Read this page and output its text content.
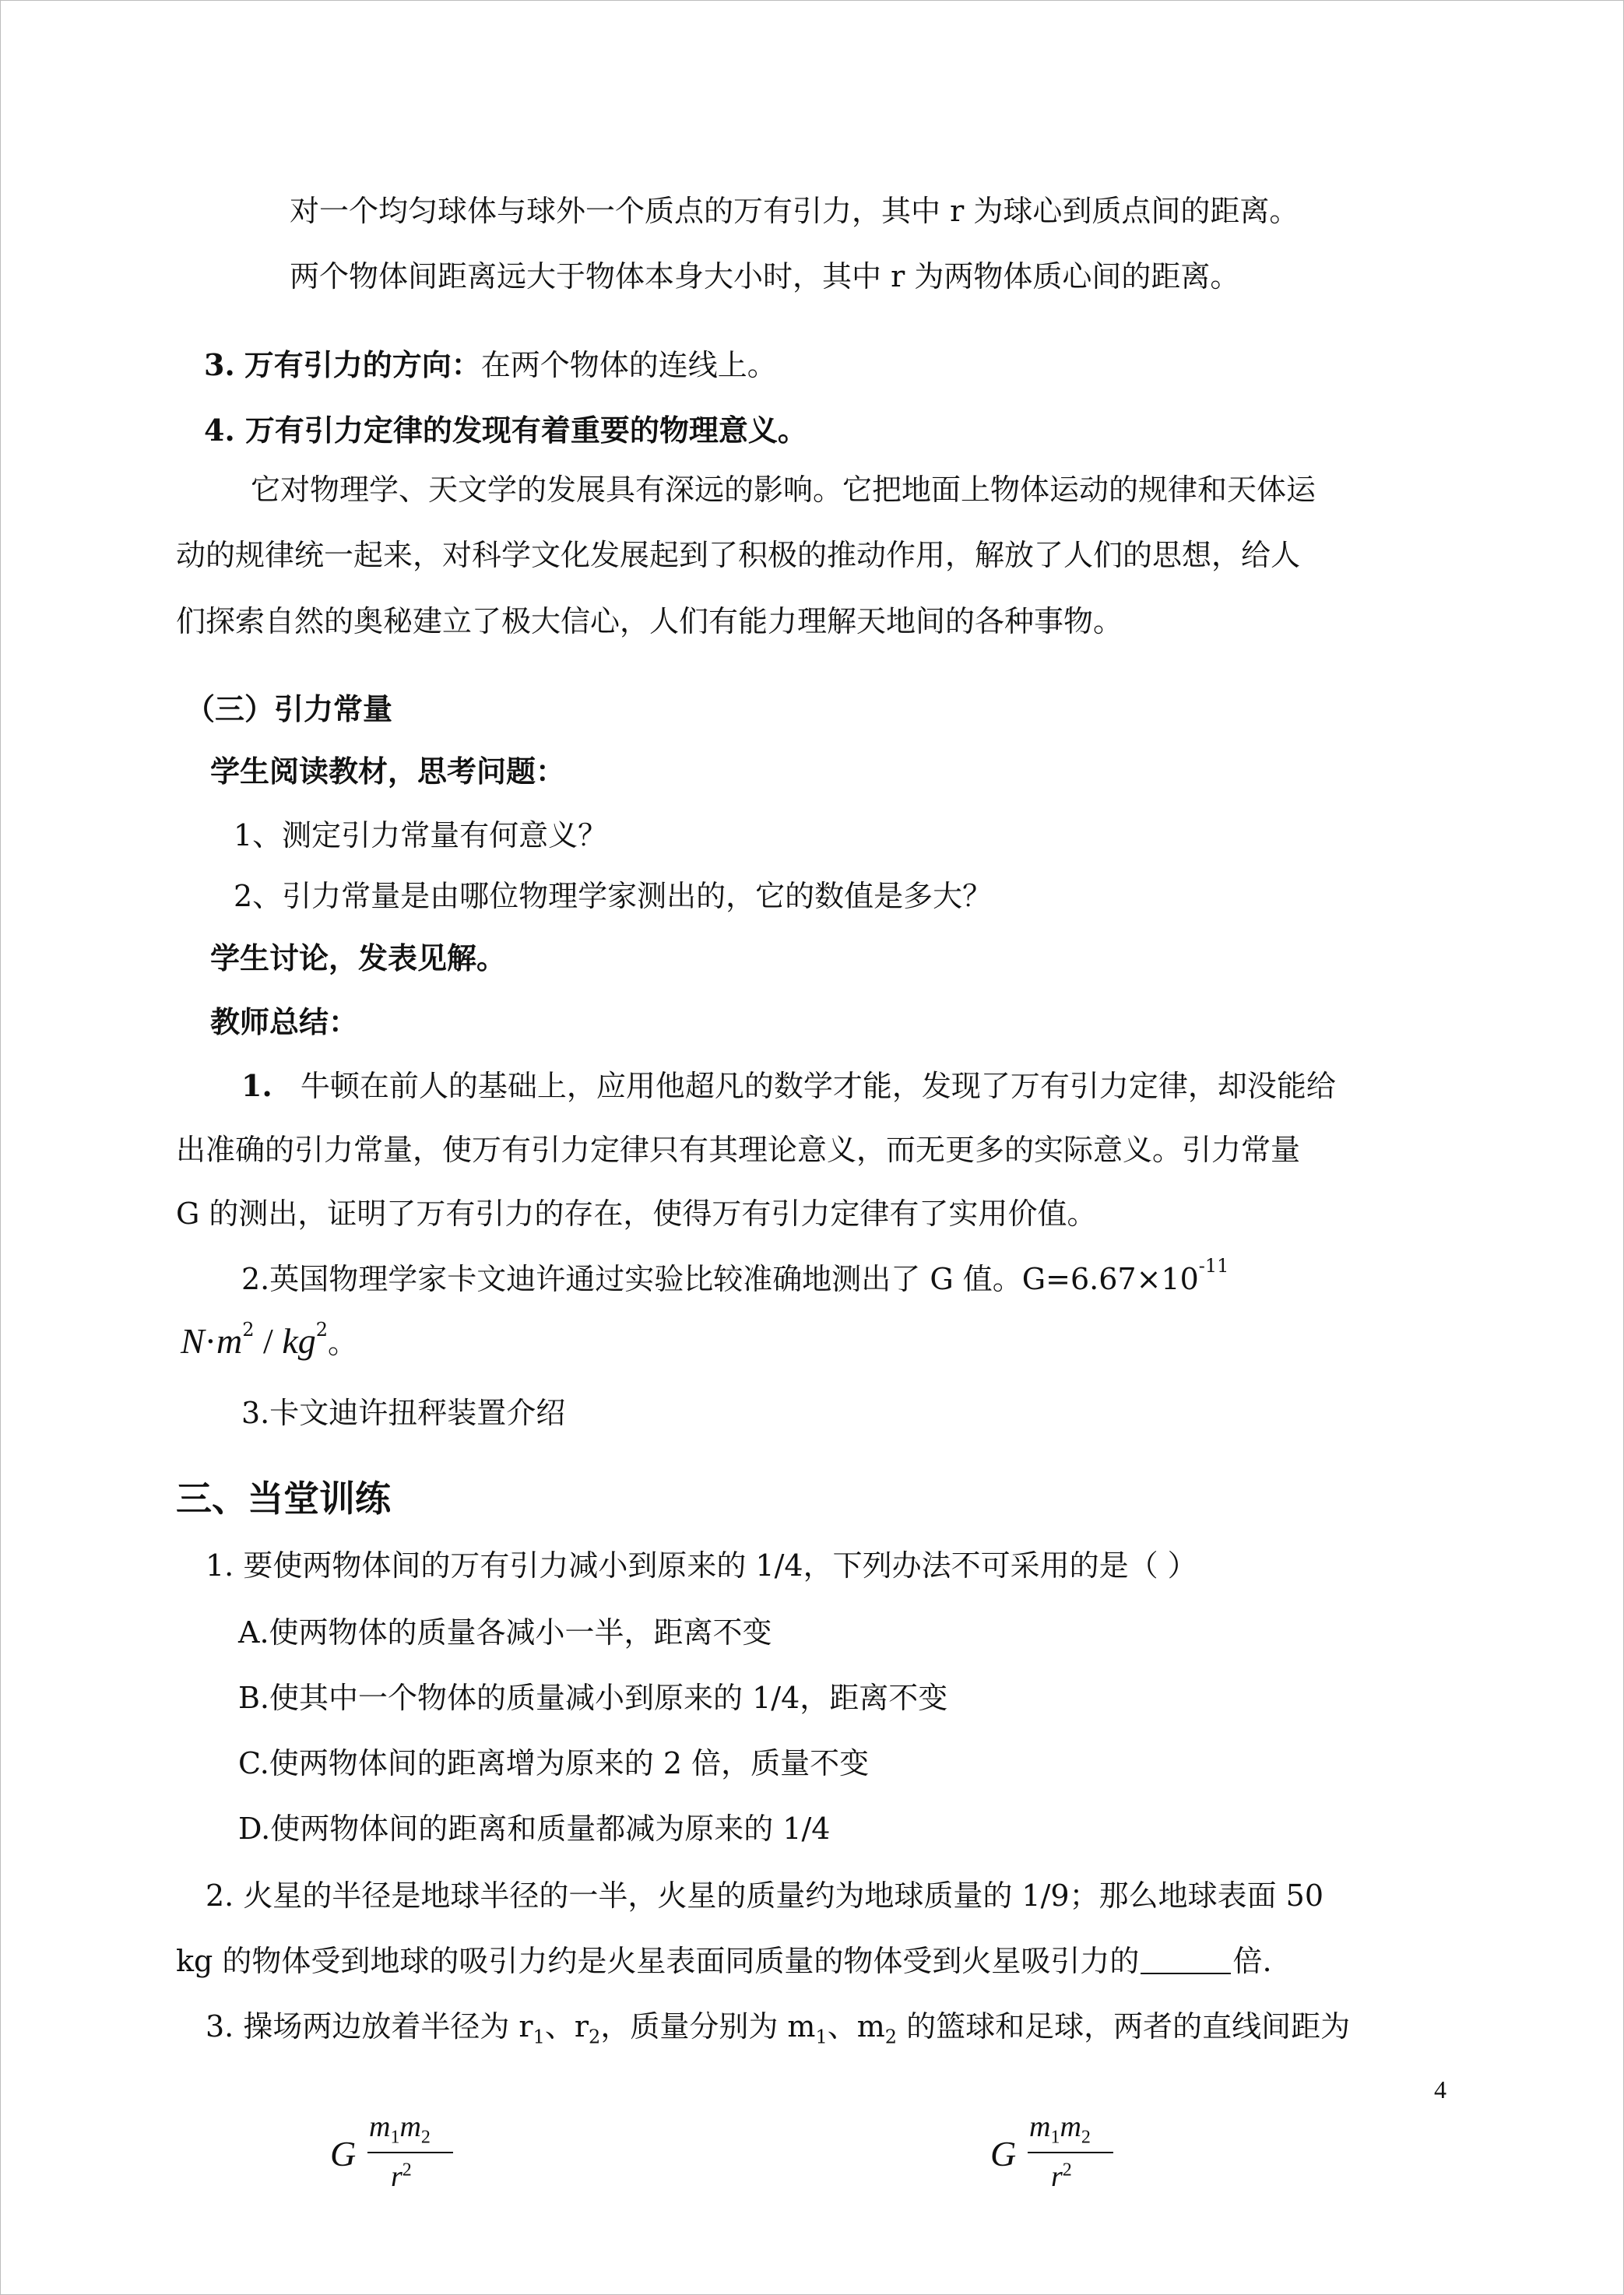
对一个均匀球体与球外一个质点的万有引力，其中 r 为球心到质点间的距离。
两个物体间距离远大于物体本身大小时，其中 r 为两物体质心间的距离。
3. 万有引力的方向：在两个物体的连线上。
4. 万有引力定律的发现有着重要的物理意义。
它对物理学、天文学的发展具有深远的影响。它把地面上物体运动的规律和天体运
动的规律统一起来，对科学文化发展起到了积极的推动作用，解放了人们的思想，给人
们探索自然的奥秘建立了极大信心，人们有能力理解天地间的各种事物。
（三）引力常量
学生阅读教材，思考问题：
1、测定引力常量有何意义？
2、引力常量是由哪位物理学家测出的，它的数值是多大？
学生讨论，发表见解。
教师总结：
1. 牛顿在前人的基础上，应用他超凡的数学才能，发现了万有引力定律，却没能给
出准确的引力常量，使万有引力定律只有其理论意义，而无更多的实际意义。引力常量
G 的测出，证明了万有引力的存在，使得万有引力定律有了实用价值。
2.英国物理学家卡文迪许通过实验比较准确地测出了 G 值。$G=6.67\times 10^{-11}$
$N\cdot m^2 / kg^2$。
3.卡文迪许扭秤装置介绍
三、当堂训练
1. 要使两物体间的万有引力减小到原来的 1/4，下列办法不可采用的是（ ）
A.使两物体的质量各减小一半，距离不变
B.使其中一个物体的质量减小到原来的 1/4，距离不变
C.使两物体间的距离增为原来的 2 倍，质量不变
D.使两物体间的距离和质量都减为原来的 1/4
2. 火星的半径是地球半径的一半，火星的质量约为地球质量的 1/9；那么地球表面 50
kg 的物体受到地球的吸引力约是火星表面同质量的物体受到火星吸引力的	倍.
3. 操场两边放着半径为 $r_1$、$r_2$，质量分别为 $m_1$、$m_2$ 的篮球和足球，两者的直线间距为
4
G
$m_1m_2$
$r^2$	G
$m_1m_2$
$r^2$
